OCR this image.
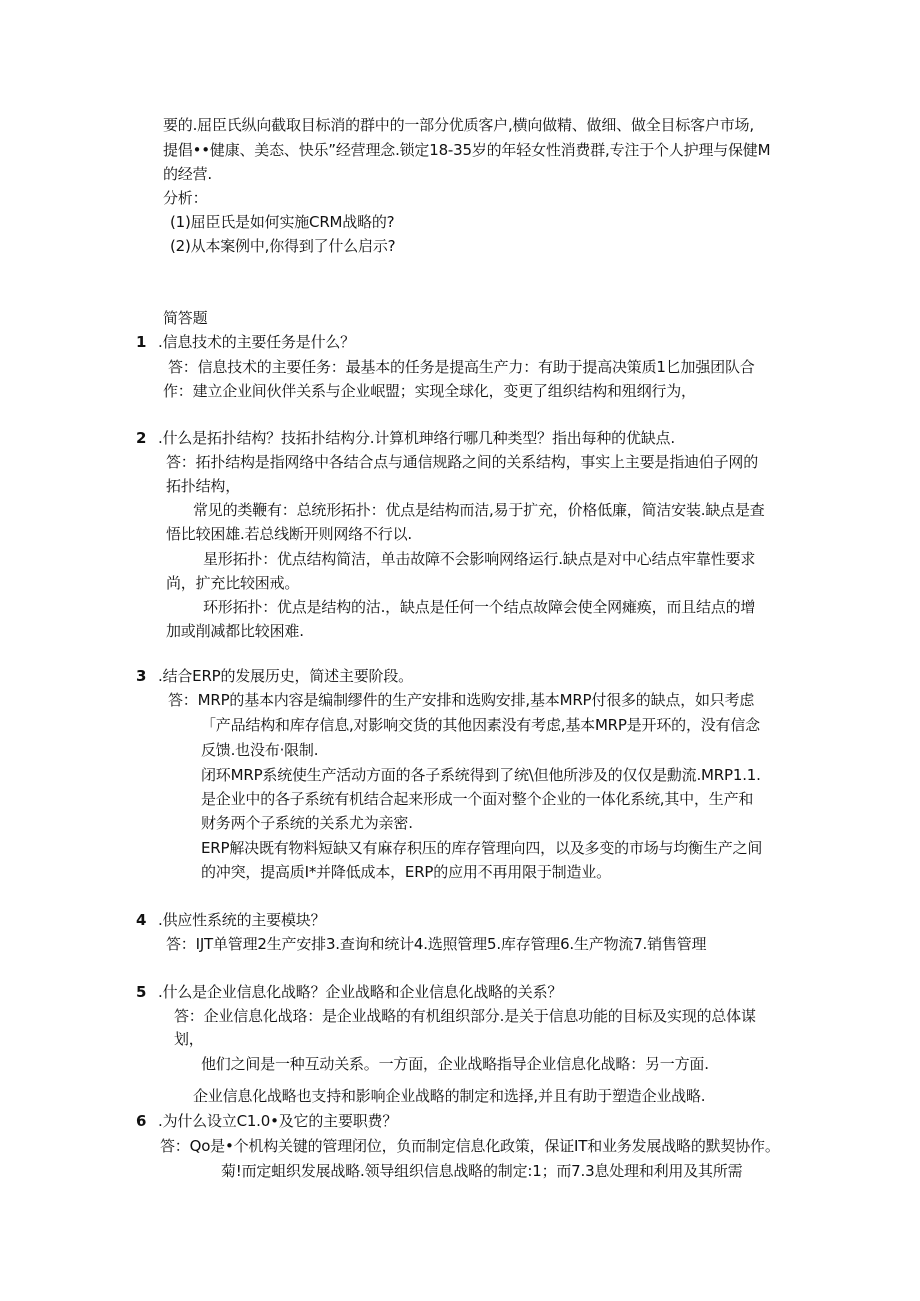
要的.屈臣氏纵向截取目标消的群中的一部分优质客户,横向做精、做细、做全目标客户市场,
提倡••健康、美态、快乐”经营理念.锁定18-35岁的年轻女性消费群,专注于个人护理与保健M
的经营.
分析：
(1)屈臣氏是如何实施CRM战略的?
(2)从本案例中,你得到了什么启示?
简答题
1 .信息技术的主要任务是什么？
答：信息技术的主要任务：最基本的任务是提高生产力：有助于提高决策质1匕加强团队合
作：建立企业间伙伴关系与企业岷盟；实现全球化，变更了组织结构和殂纲行为，
2 .什么是拓扑结构？技拓扑结构分.计算机珅络行哪几种类型？指出每种的优缺点.
答：拓扑结构是指网络中各结合点与通信规路之间的关系结构，事实上主要是指迪伯子网的
拓扑结构，
常见的类鞭有：总统形拓扑：优点是结构而洁,易于扩充，价格低廉，简洁安装.缺点是查
悟比较困雄.若总线断开则网络不行以.
星形拓扑：优点结构简洁，单击故障不会影响网络运行.缺点是对中心结点牢靠性要求
尚，扩充比较困戒。
环形拓扑：优点是结构的沽.，缺点是任何一个结点故障会使全网瘫痪，而且结点的增
加或削减都比较困难.
3 .结合ERP的发展历史，简述主要阶段。
答：MRP的基本内容是编制缪件的生产安排和选购安排,基本MRP付很多的缺点，如只考虑
「产品结构和库存信息,对影响交货的其他因素没有考虑,基本MRP是开环的，没有信念
反馈.也没布·限制.
闭环MRP系统使生产活动方面的各子系统得到了统\但他所涉及的仅仅是勳流.MRP1.1.
是企业中的各子系统有机结合起来形成一个面对整个企业的一体化系统,其中，生产和
财务两个子系统的关系尤为亲密.
ERP解决既有物料短缺又有麻存积压的库存管理向四，以及多变的市场与均衡生产之间
的冲突，提高质I*并降低成本，ERP的应用不再用限于制造业。
4 .供应性系统的主要模块？
答：IJT单管理2生产安排3.查询和统计4.选照管理5.库存管理6.生产物流7.销售管理
5 .什么是企业信息化战略？企业战略和企业信息化战略的关系？
答：企业信息化战珞：是企业战略的有机组织部分.是关于信息功能的目标及实现的总体谋
划，
他们之间是一种互动关系。一方面，企业战略指导企业信息化战略：另一方面.
企业信息化战略也支持和影响企业战略的制定和选择,并且有助于塑造企业战略.
6 .为什么设立C1.0•及它的主要职费？
答：Qo是•个机构关键的管理闭位，负而制定信息化政策，保证IT和业务发展战略的默契协作。
菊!而定蛆织发展战略.领导组织信息战略的制定:1；而7.3息处理和利用及其所需
